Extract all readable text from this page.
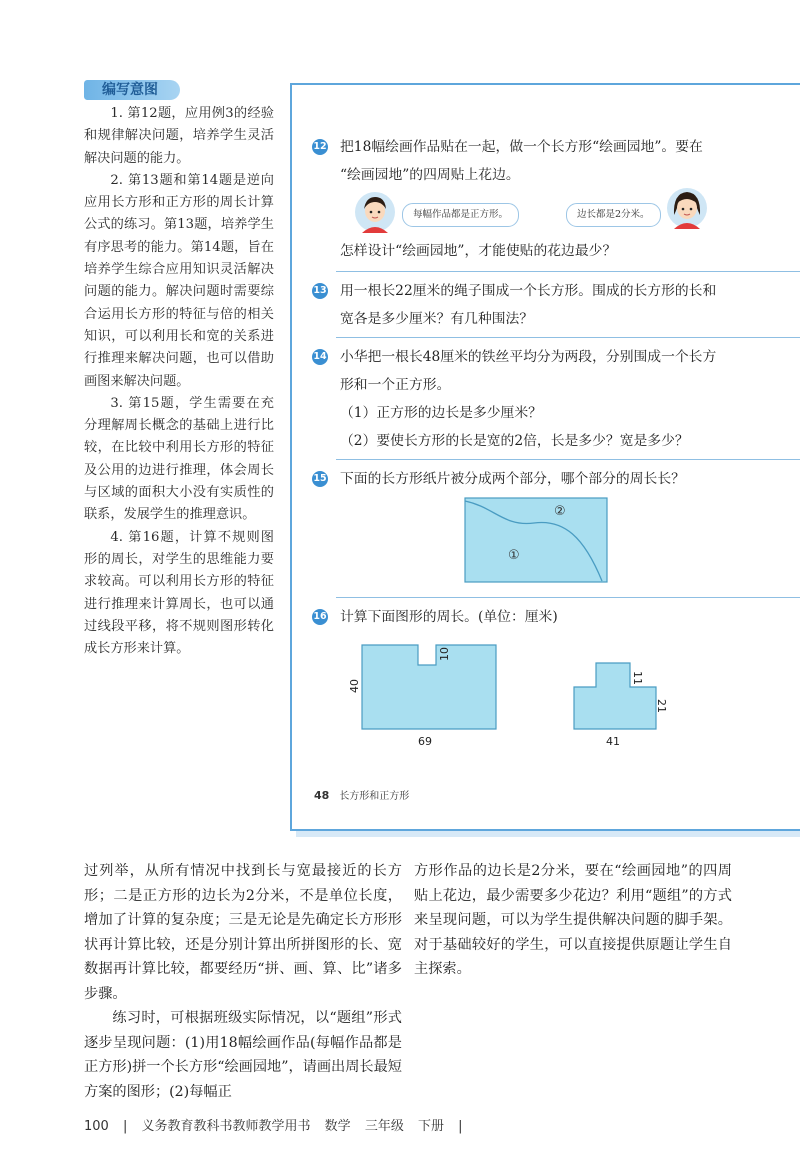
编写意图

1. 第12题，应用例3的经验和规律解决问题，培养学生灵活解决问题的能力。

2. 第13题和第14题是逆向应用长方形和正方形的周长计算公式的练习。第13题，培养学生有序思考的能力。第14题，旨在培养学生综合应用知识灵活解决问题的能力。解决问题时需要综合运用长方形的特征与倍的相关知识，可以利用长和宽的关系进行推理来解决问题，也可以借助画图来解决问题。

3. 第15题，学生需要在充分理解周长概念的基础上进行比较，在比较中利用长方形的特征及公用的边进行推理，体会周长与区域的面积大小没有实质性的联系，发展学生的推理意识。

4. 第16题，计算不规则图形的周长，对学生的思维能力要求较高。可以利用长方形的特征进行推理来计算周长，也可以通过线段平移，将不规则图形转化成长方形来计算。

12 把18幅绘画作品贴在一起，做一个长方形“绘画园地”。要在
“绘画园地”的四周贴上花边。
每幅作品都是正方形。	边长都是2分米。
怎样设计“绘画园地”，才能使贴的花边最少？
13 用一根长22厘米的绳子围成一个长方形。围成的长方形的长和
宽各是多少厘米？有几种围法？
14 小华把一根长48厘米的铁丝平均分为两段，分别围成一个长方
形和一个正方形。
（1）正方形的边长是多少厘米？
（2）要使长方形的长是宽的2倍，长是多少？宽是多少？
15 下面的长方形纸片被分成两个部分，哪个部分的周长长？
①
②
16 计算下面图形的周长。(单位：厘米)
40
10
69
11
21
41
48 长方形和正方形

过列举，从所有情况中找到长与宽最接近的长方形；二是正方形的边长为2分米，不是单位长度，增加了计算的复杂度；三是无论是先确定长方形形状再计算比较，还是分别计算出所拼图形的长、宽数据再计算比较，都要经历“拼、画、算、比”诸多步骤。

练习时，可根据班级实际情况，以“题组”形式逐步呈现问题：(1)用18幅绘画作品(每幅作品都是正方形)拼一个长方形“绘画园地”，请画出周长最短方案的图形；(2)每幅正

方形作品的边长是2分米，要在“绘画园地”的四周贴上花边，最少需要多少花边？利用“题组”的方式来呈现问题，可以为学生提供解决问题的脚手架。对于基础较好的学生，可以直接提供原题让学生自主探索。

100 | 义务教育教科书教师教学用书 数学 三年级 下册 |
